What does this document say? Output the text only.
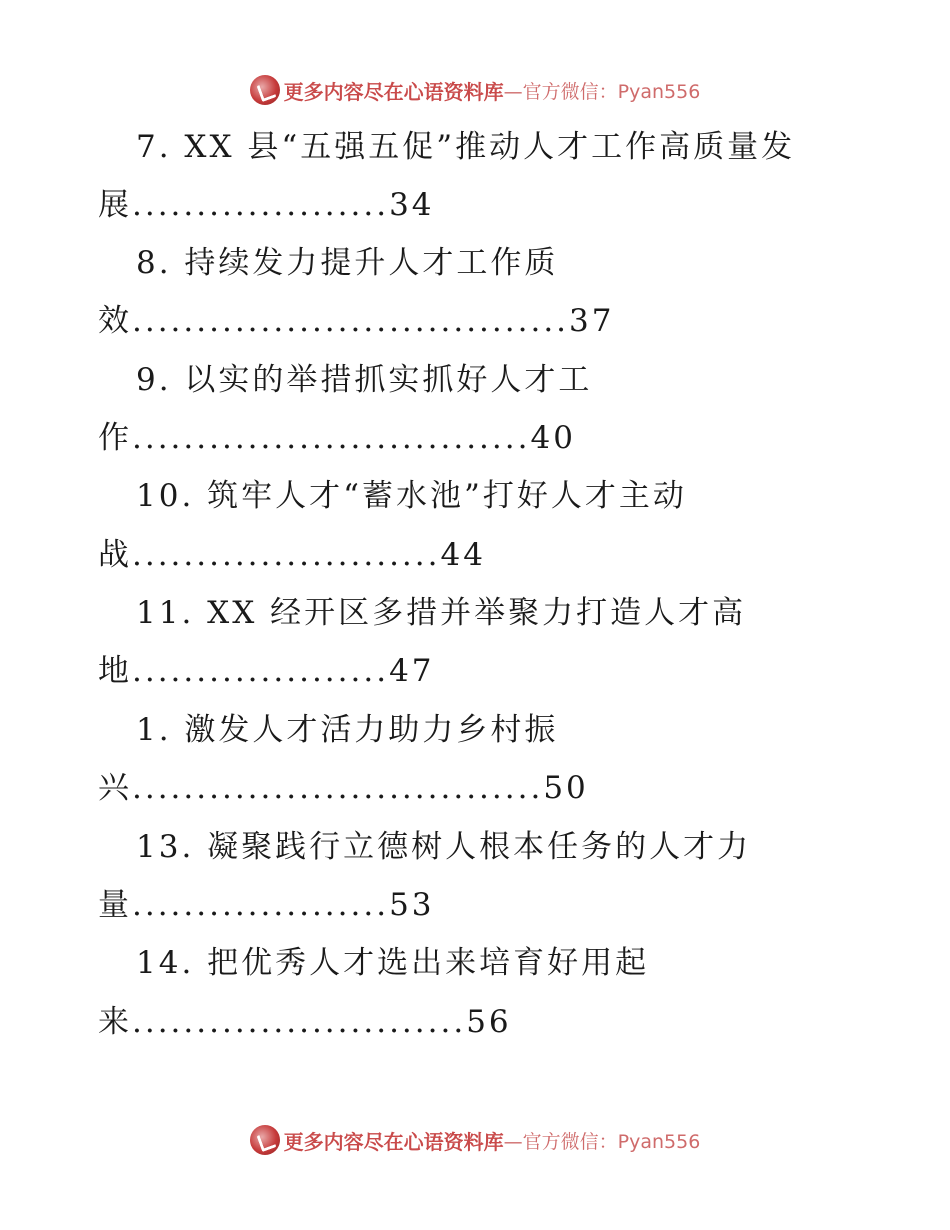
更多内容尽在心语资料库 —官方微信：Pyan556
7. XX 县“五强五促”推动人才工作高质量发
展....................34
8. 持续发力提升人才工作质
效..................................37
9. 以实的举措抓实抓好人才工
作...............................40
10. 筑牢人才“蓄水池”打好人才主动
战........................44
11. XX 经开区多措并举聚力打造人才高
地....................47
1. 激发人才活力助力乡村振
兴................................50
13. 凝聚践行立德树人根本任务的人才力
量....................53
14. 把优秀人才选出来培育好用起
来..........................56
更多内容尽在心语资料库 —官方微信：Pyan556
